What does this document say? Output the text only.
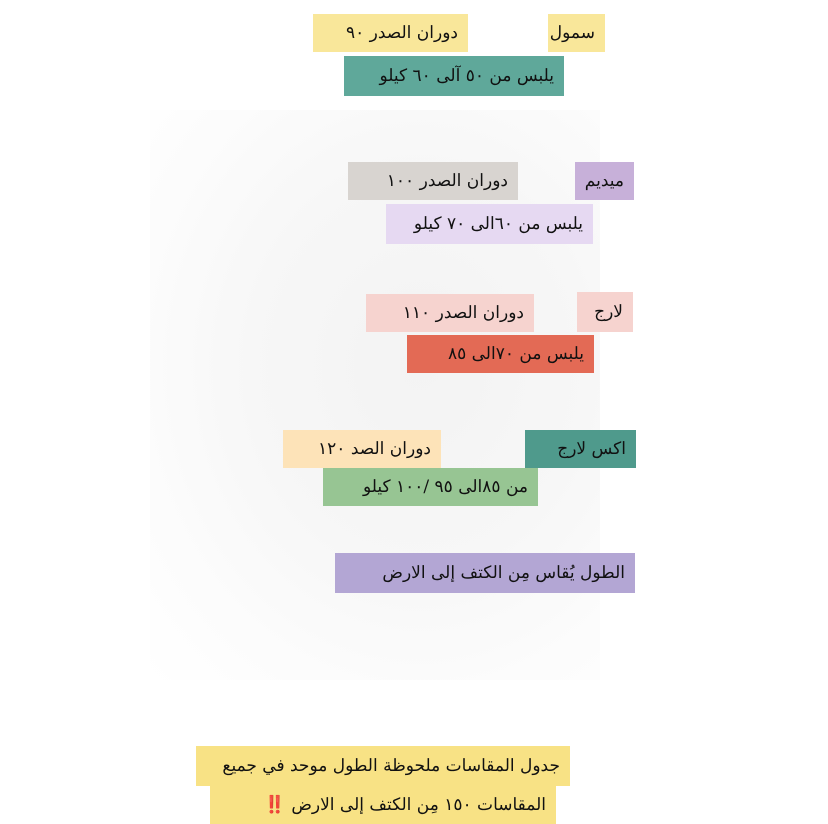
سمول
دوران الصدر ٩٠
يلبس من ٥٠ آلى ٦٠ كيلو
ميديم
دوران الصدر ١٠٠
يلبس من ٦٠الى ٧٠ كيلو
لارج
دوران الصدر ١١٠
يلبس من ٧٠الى ٨٥
اكس لارج
دوران الصد ١٢٠
من ٨٥الى ٩٥ /١٠٠ كيلو
الطول يُقاس مِن الكتف إلى الارض
جدول المقاسات ملحوظة الطول موحد في جميع
المقاسات ١٥٠ مِن الكتف إلى الارض
‼️
